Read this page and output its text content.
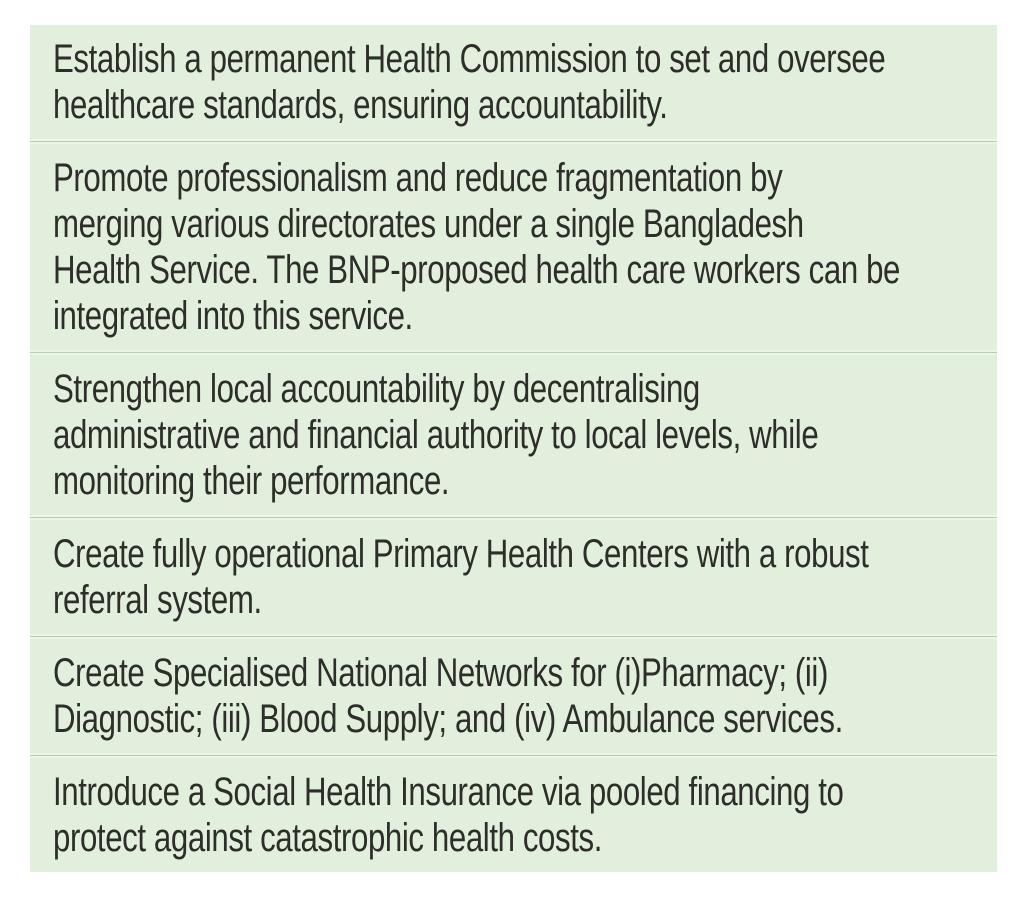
Establish a permanent Health Commission to set and oversee
healthcare standards, ensuring accountability.
Promote professionalism and reduce fragmentation by
merging various directorates under a single Bangladesh
Health Service. The BNP-proposed health care workers can be
integrated into this service.
Strengthen local accountability by decentralising
administrative and financial authority to local levels, while
monitoring their performance.
Create fully operational Primary Health Centers with a robust
referral system.
Create Specialised National Networks for (i)Pharmacy; (ii)
Diagnostic; (iii) Blood Supply; and (iv) Ambulance services.
Introduce a Social Health Insurance via pooled financing to
protect against catastrophic health costs.
